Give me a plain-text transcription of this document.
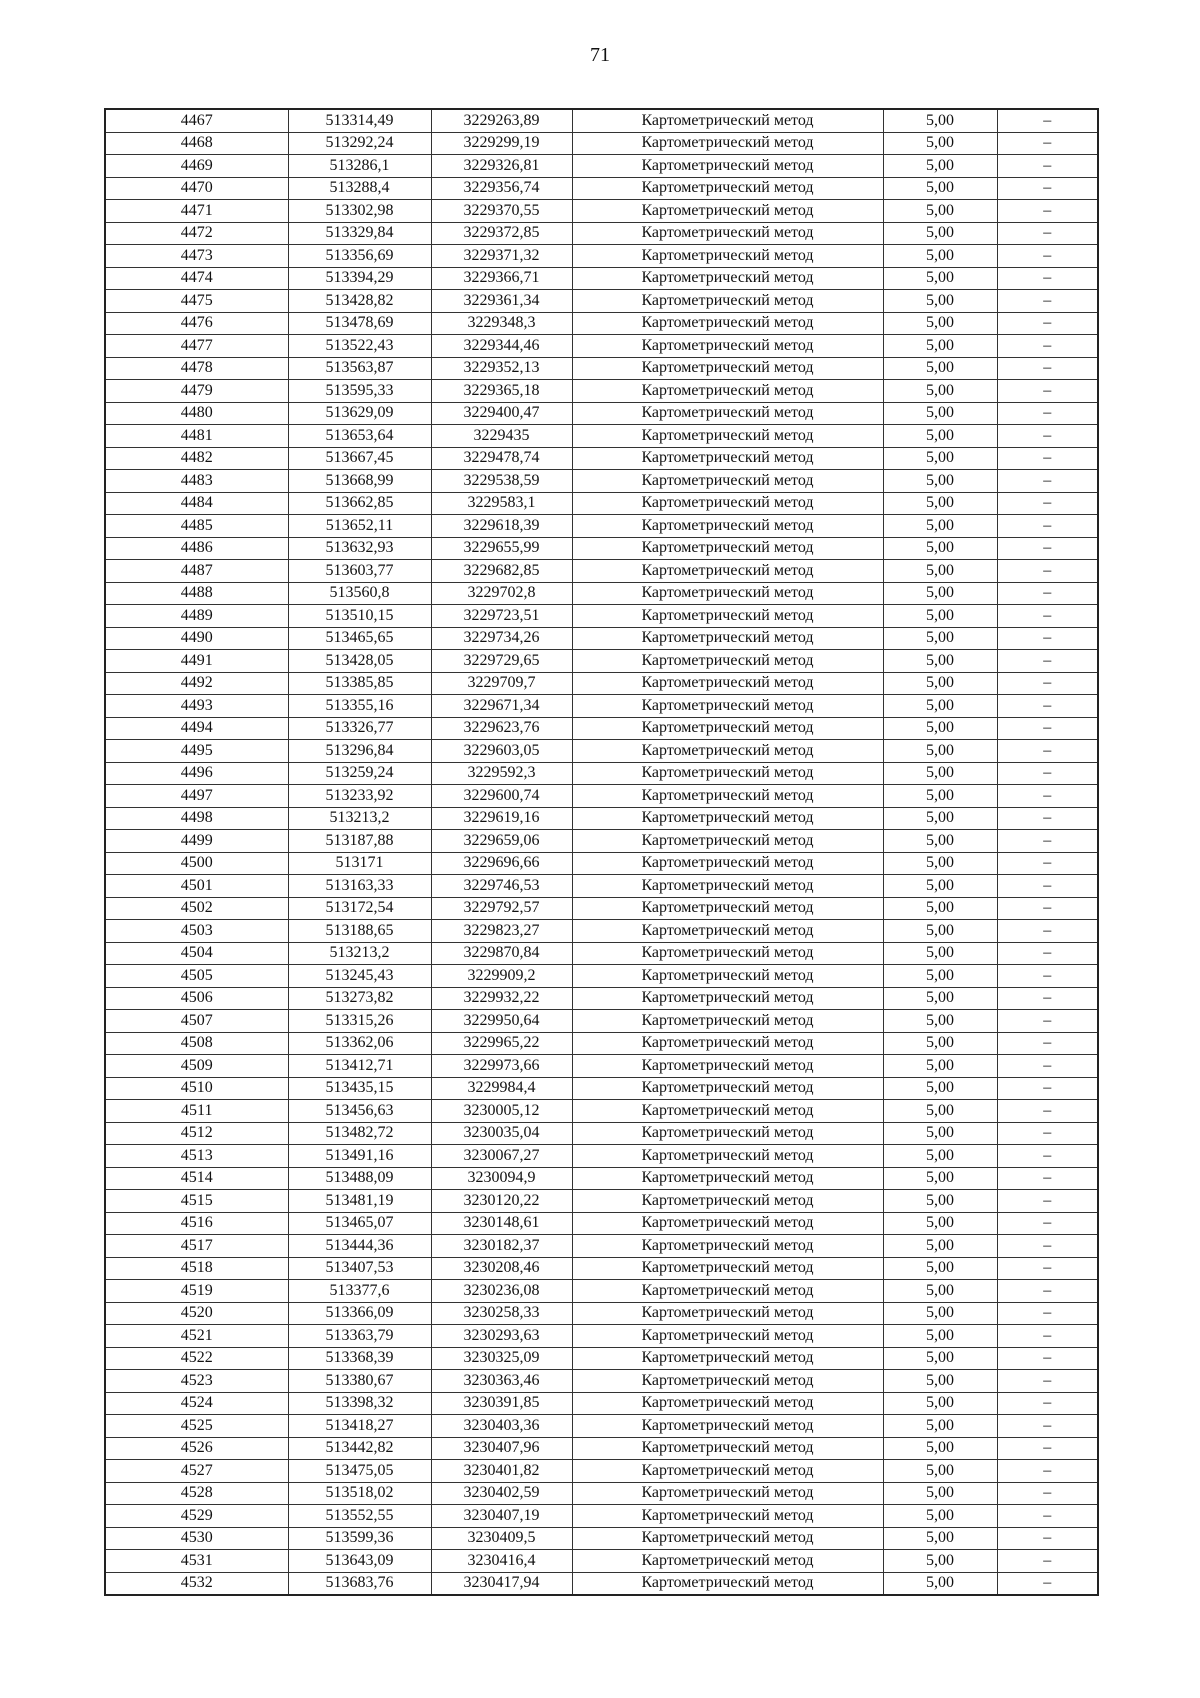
71
4467	513314,49	3229263,89	Картометрический метод	5,00	–
4468	513292,24	3229299,19	Картометрический метод	5,00	–
4469	513286,1	3229326,81	Картометрический метод	5,00	–
4470	513288,4	3229356,74	Картометрический метод	5,00	–
4471	513302,98	3229370,55	Картометрический метод	5,00	–
4472	513329,84	3229372,85	Картометрический метод	5,00	–
4473	513356,69	3229371,32	Картометрический метод	5,00	–
4474	513394,29	3229366,71	Картометрический метод	5,00	–
4475	513428,82	3229361,34	Картометрический метод	5,00	–
4476	513478,69	3229348,3	Картометрический метод	5,00	–
4477	513522,43	3229344,46	Картометрический метод	5,00	–
4478	513563,87	3229352,13	Картометрический метод	5,00	–
4479	513595,33	3229365,18	Картометрический метод	5,00	–
4480	513629,09	3229400,47	Картометрический метод	5,00	–
4481	513653,64	3229435	Картометрический метод	5,00	–
4482	513667,45	3229478,74	Картометрический метод	5,00	–
4483	513668,99	3229538,59	Картометрический метод	5,00	–
4484	513662,85	3229583,1	Картометрический метод	5,00	–
4485	513652,11	3229618,39	Картометрический метод	5,00	–
4486	513632,93	3229655,99	Картометрический метод	5,00	–
4487	513603,77	3229682,85	Картометрический метод	5,00	–
4488	513560,8	3229702,8	Картометрический метод	5,00	–
4489	513510,15	3229723,51	Картометрический метод	5,00	–
4490	513465,65	3229734,26	Картометрический метод	5,00	–
4491	513428,05	3229729,65	Картометрический метод	5,00	–
4492	513385,85	3229709,7	Картометрический метод	5,00	–
4493	513355,16	3229671,34	Картометрический метод	5,00	–
4494	513326,77	3229623,76	Картометрический метод	5,00	–
4495	513296,84	3229603,05	Картометрический метод	5,00	–
4496	513259,24	3229592,3	Картометрический метод	5,00	–
4497	513233,92	3229600,74	Картометрический метод	5,00	–
4498	513213,2	3229619,16	Картометрический метод	5,00	–
4499	513187,88	3229659,06	Картометрический метод	5,00	–
4500	513171	3229696,66	Картометрический метод	5,00	–
4501	513163,33	3229746,53	Картометрический метод	5,00	–
4502	513172,54	3229792,57	Картометрический метод	5,00	–
4503	513188,65	3229823,27	Картометрический метод	5,00	–
4504	513213,2	3229870,84	Картометрический метод	5,00	–
4505	513245,43	3229909,2	Картометрический метод	5,00	–
4506	513273,82	3229932,22	Картометрический метод	5,00	–
4507	513315,26	3229950,64	Картометрический метод	5,00	–
4508	513362,06	3229965,22	Картометрический метод	5,00	–
4509	513412,71	3229973,66	Картометрический метод	5,00	–
4510	513435,15	3229984,4	Картометрический метод	5,00	–
4511	513456,63	3230005,12	Картометрический метод	5,00	–
4512	513482,72	3230035,04	Картометрический метод	5,00	–
4513	513491,16	3230067,27	Картометрический метод	5,00	–
4514	513488,09	3230094,9	Картометрический метод	5,00	–
4515	513481,19	3230120,22	Картометрический метод	5,00	–
4516	513465,07	3230148,61	Картометрический метод	5,00	–
4517	513444,36	3230182,37	Картометрический метод	5,00	–
4518	513407,53	3230208,46	Картометрический метод	5,00	–
4519	513377,6	3230236,08	Картометрический метод	5,00	–
4520	513366,09	3230258,33	Картометрический метод	5,00	–
4521	513363,79	3230293,63	Картометрический метод	5,00	–
4522	513368,39	3230325,09	Картометрический метод	5,00	–
4523	513380,67	3230363,46	Картометрический метод	5,00	–
4524	513398,32	3230391,85	Картометрический метод	5,00	–
4525	513418,27	3230403,36	Картометрический метод	5,00	–
4526	513442,82	3230407,96	Картометрический метод	5,00	–
4527	513475,05	3230401,82	Картометрический метод	5,00	–
4528	513518,02	3230402,59	Картометрический метод	5,00	–
4529	513552,55	3230407,19	Картометрический метод	5,00	–
4530	513599,36	3230409,5	Картометрический метод	5,00	–
4531	513643,09	3230416,4	Картометрический метод	5,00	–
4532	513683,76	3230417,94	Картометрический метод	5,00	–
